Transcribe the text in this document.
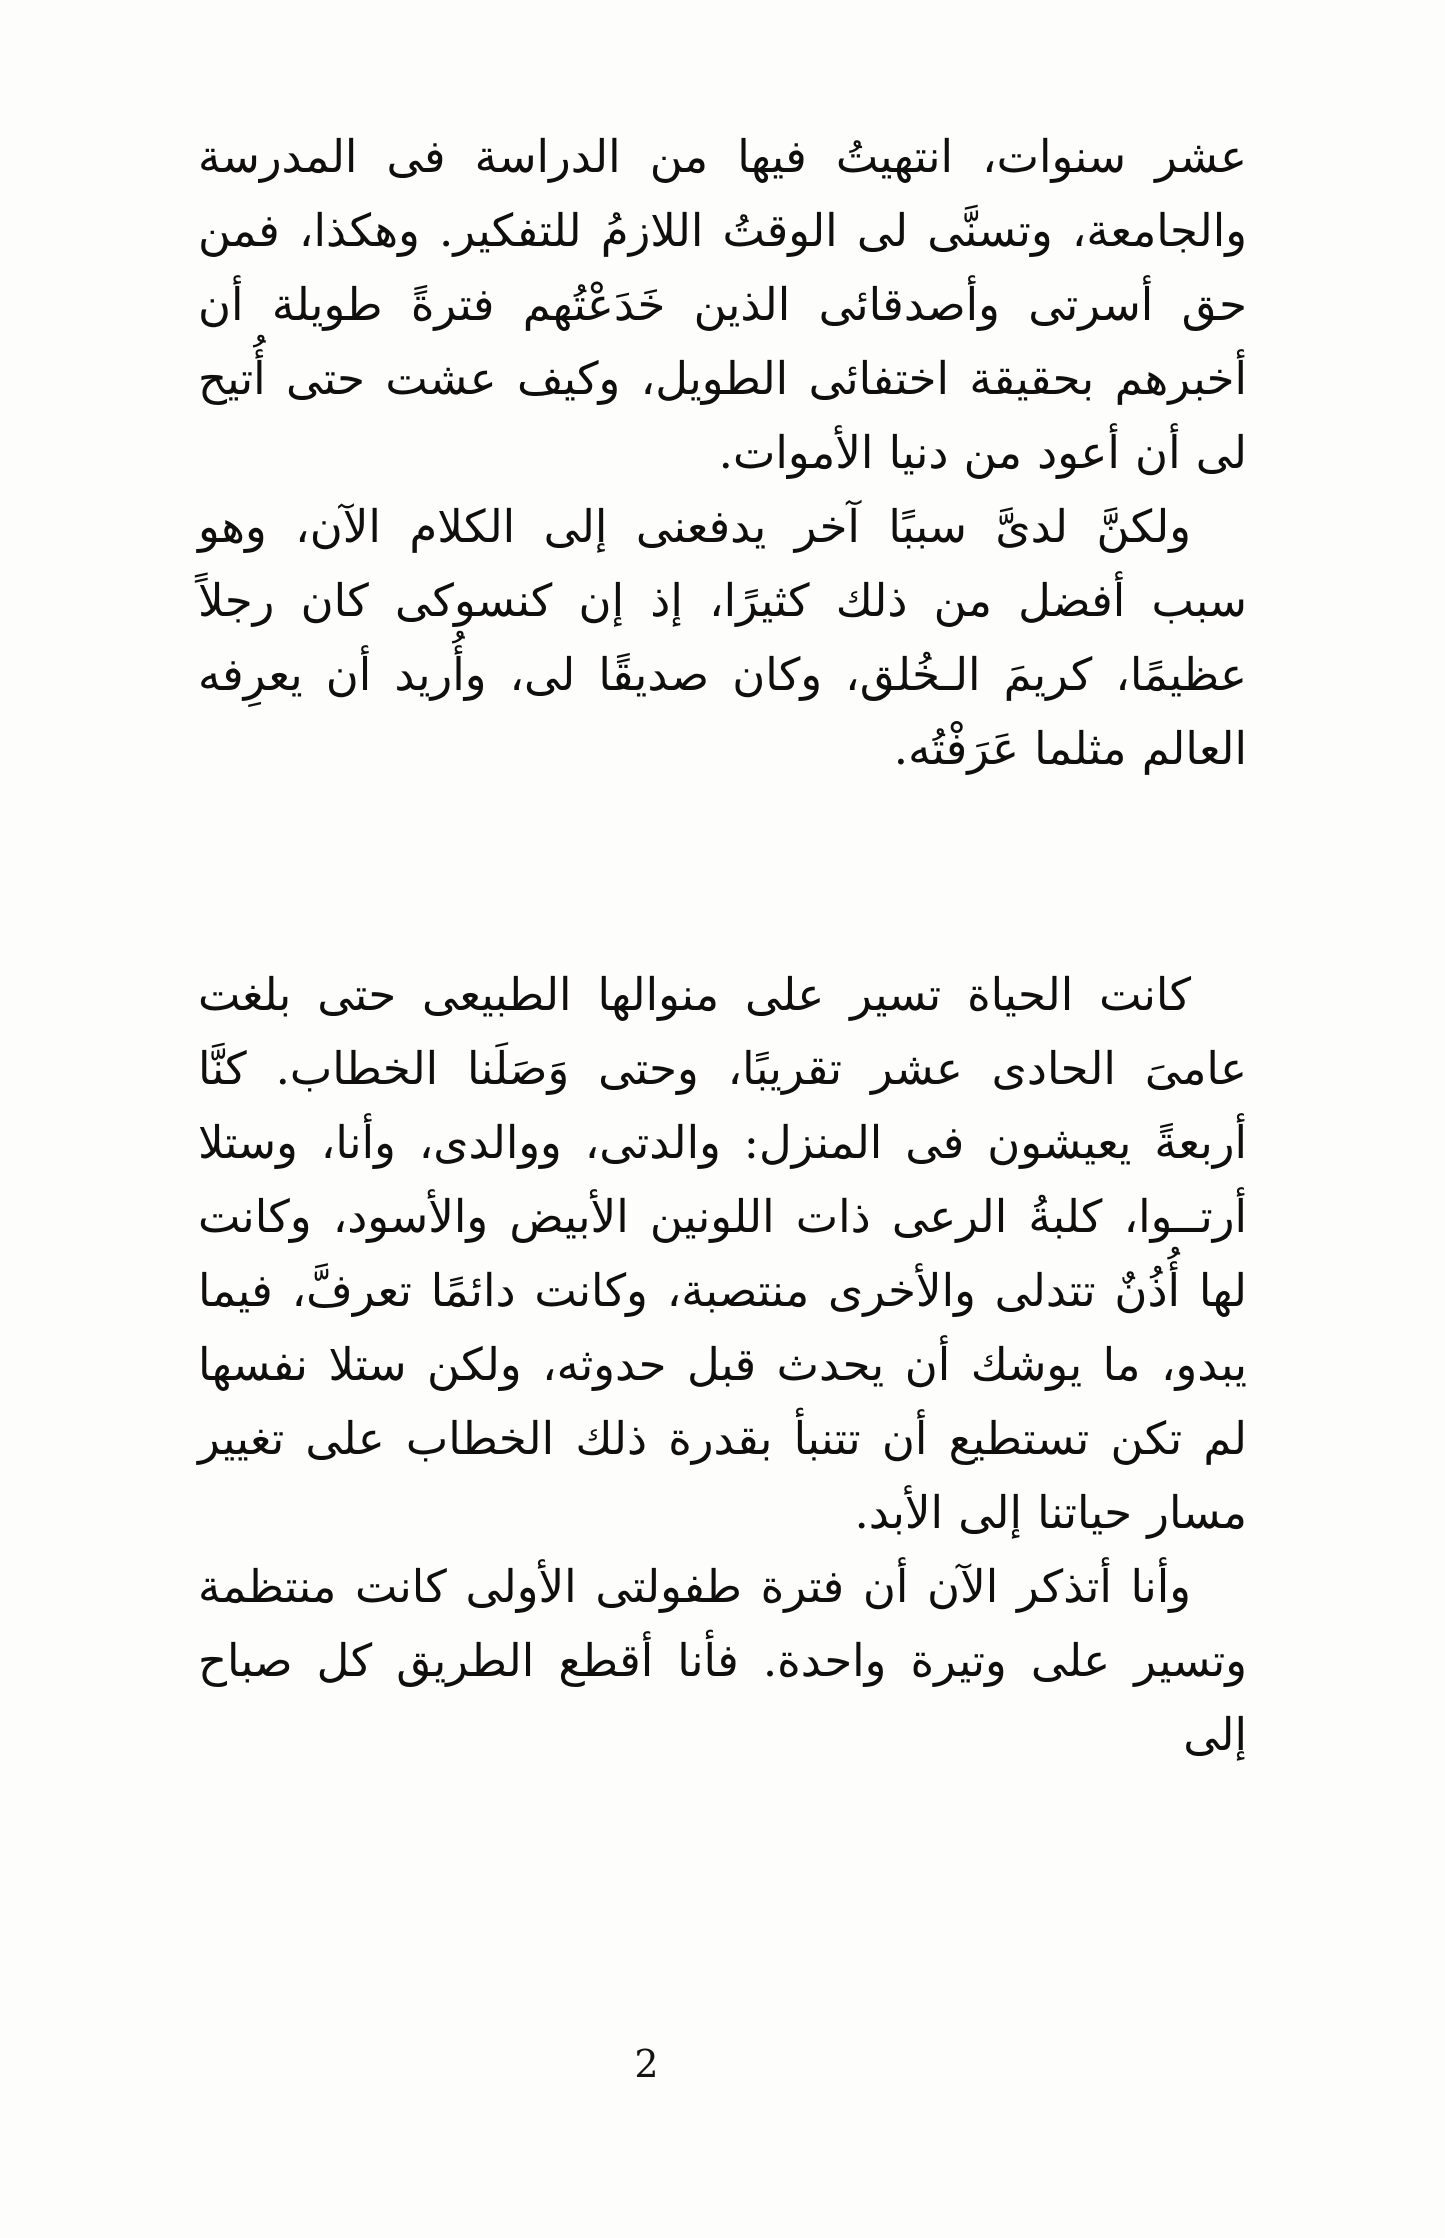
عشر سنوات، انتهيتُ فيها من الدراسة فى المدرسة والجامعة، وتسنَّى لى الوقتُ اللازمُ للتفكير. وهكذا، فمن حق أسرتى وأصدقائى الذين خَدَعْتُهم فترةً طويلة أن أخبرهم بحقيقة اختفائى الطويل، وكيف عشت حتى أُتيح لى أن أعود من دنيا الأموات.

ولكنَّ لدىَّ سببًا آخر يدفعنى إلى الكلام الآن، وهو سبب أفضل من ذلك كثيرًا، إذ إن كنسوكى كان رجلاً عظيمًا، كريمَ الـخُلق، وكان صديقًا لى، وأُريد أن يعرِفه العالم مثلما عَرَفْتُه.

كانت الحياة تسير على منوالها الطبيعى حتى بلغت عامىَ الحادى عشر تقريبًا، وحتى وَصَلَنا الخطاب. كنَّا أربعةً يعيشون فى المنزل: والدتى، ووالدى، وأنا، وستلا أرتــوا، كلبةُ الرعى ذات اللونين الأبيض والأسود، وكانت لها أُذُنٌ تتدلى والأخرى منتصبة، وكانت دائمًا تعرفَّ، فيما يبدو، ما يوشك أن يحدث قبل حدوثه، ولكن ستلا نفسها لم تكن تستطيع أن تتنبأ بقدرة ذلك الخطاب على تغيير مسار حياتنا إلى الأبد.

وأنا أتذكر الآن أن فترة طفولتى الأولى كانت منتظمة وتسير على وتيرة واحدة. فأنا أقطع الطريق كل صباح إلى

2
